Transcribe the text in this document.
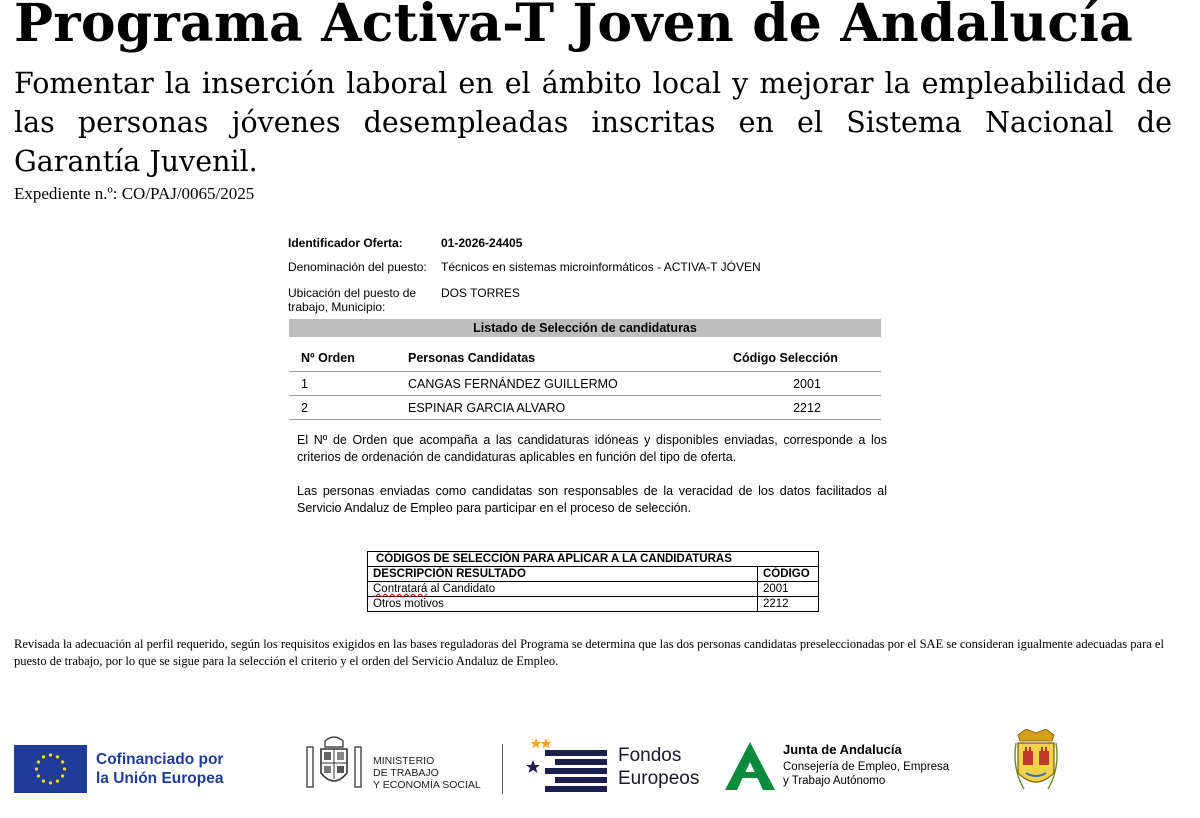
Programa Activa-T Joven de Andalucía
Fomentar la inserción laboral en el ámbito local y mejorar la empleabilidad de las personas jóvenes desempleadas inscritas en el Sistema Nacional de Garantía Juvenil.
Expediente n.º: CO/PAJ/0065/2025
Identificador Oferta:	01-2026-24405
Denominación del puesto: Técnicos en sistemas microinformáticos - ACTIVA-T JÓVEN
Ubicación del puesto de
trabajo, Municipio:
DOS TORRES
Listado de Selección de candidaturas
Nº Orden	Personas Candidatas	Código Selección
1	CANGAS FERNÁNDEZ GUILLERMO	2001
2	ESPINAR GARCIA ALVARO	2212
El Nº de Orden que acompaña a las candidaturas idóneas y disponibles enviadas, corresponde a los criterios de ordenación de candidaturas aplicables en función del tipo de oferta.
Las personas enviadas como candidatas son responsables de la veracidad de los datos facilitados al Servicio Andaluz de Empleo para participar en el proceso de selección.
CÓDIGOS DE SELECCIÓN PARA APLICAR A LA CANDIDATURAS	
DESCRIPCIÓN RESULTADO	CÓDIGO
Contratará al Candidato	2001
Otros motivos	2212
Revisada la adecuación al perfil requerido, según los requisitos exigidos en las bases reguladoras del Programa se determina que las dos personas candidatas preseleccionadas por el SAE se consideran igualmente adecuadas para el puesto de trabajo, por lo que se sigue para la selección el criterio y el orden del Servicio Andaluz de Empleo.
Cofinanciado por
la Unión Europea
MINISTERIO
DE TRABAJO
Y ECONOMÍA SOCIAL
Fondos
Europeos
Junta de Andalucía
Consejería de Empleo, Empresa
y Trabajo Autónomo
